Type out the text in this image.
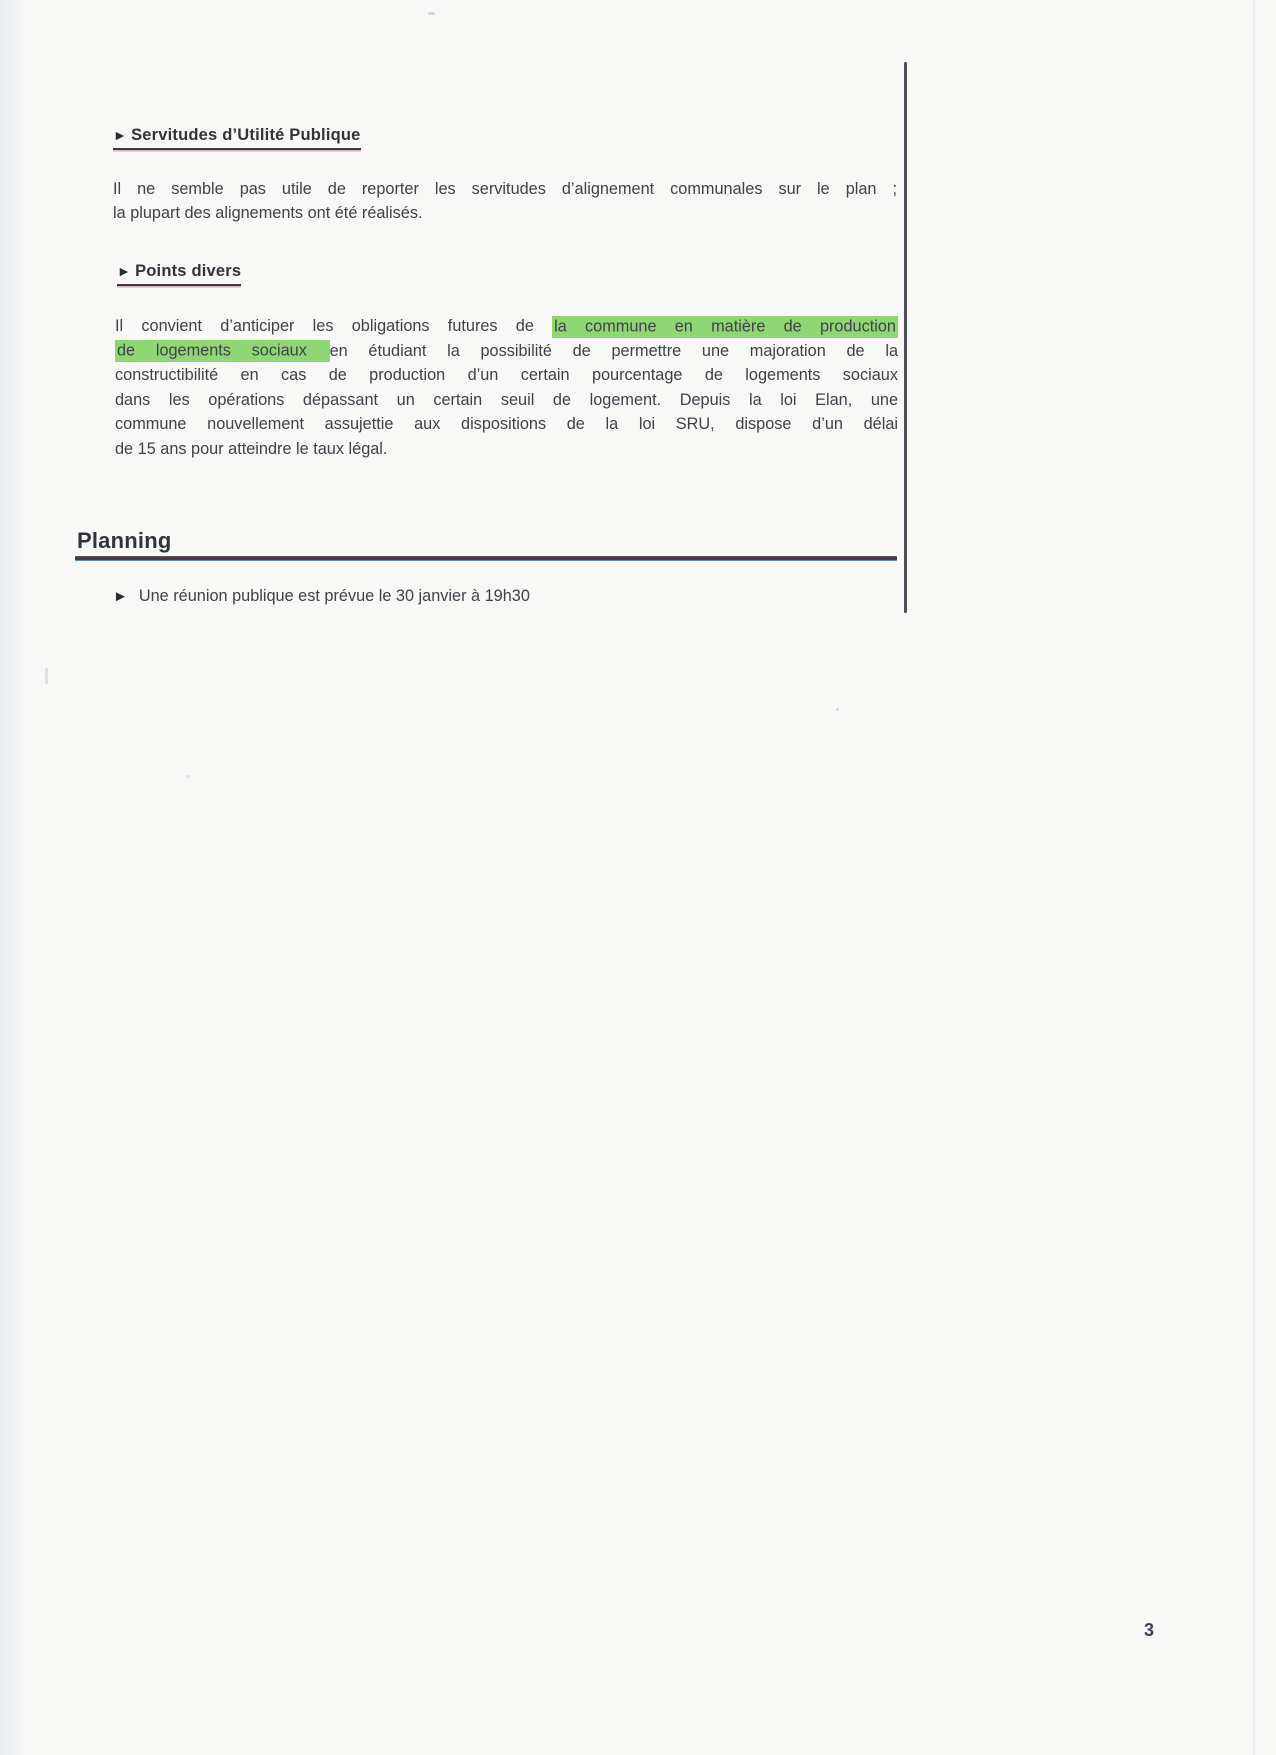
► Servitudes d’Utilité Publique
Il ne semble pas utile de reporter les servitudes d’alignement communales sur le plan ;
la plupart des alignements ont été réalisés.
► Points divers
Il convient d’anticiper les obligations futures de la commune en matière de production
de logements sociaux en étudiant la possibilité de permettre une majoration de la
constructibilité en cas de production d’un certain pourcentage de logements sociaux
dans les opérations dépassant un certain seuil de logement. Depuis la loi Elan, une
commune nouvellement assujettie aux dispositions de la loi SRU, dispose d’un délai
de 15 ans pour atteindre le taux légal.
Planning
► Une réunion publique est prévue le 30 janvier à 19h30
3
